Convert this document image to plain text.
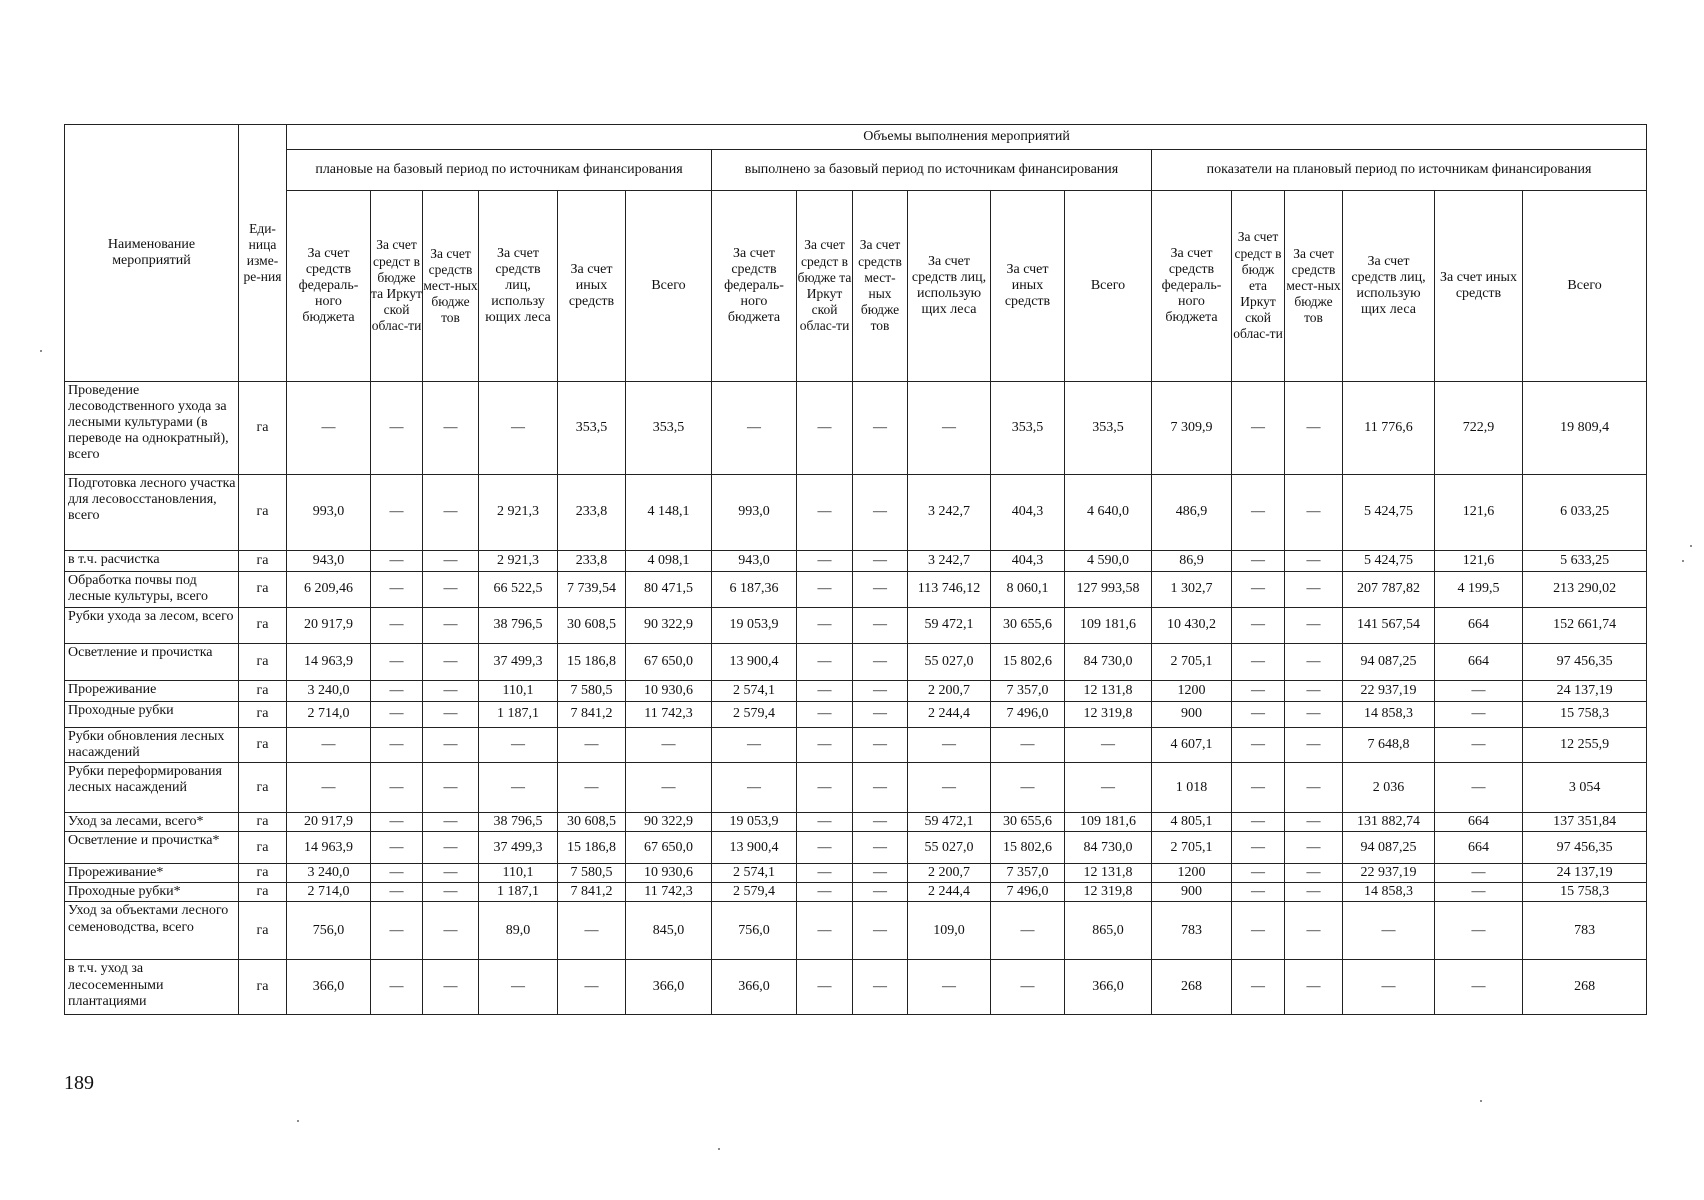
Наименование мероприятий	Еди-ница изме-ре-ния	Объемы выполнения мероприятий																	
		плановые на базовый период по источникам финансирования						выполнено за базовый период по источникам финансирования						показатели на плановый период по источникам финансирования					
		За счет средств федераль-ного бюджета	За счет средст в бюдже та Иркут ской облас-ти	За счет средств мест-ных бюдже тов	За счет средств лиц, использу ющих леса	За счет иных средств	Всего	За счет средств федераль-ного бюджета	За счет средст в бюдже та Иркут ской облас-ти	За счет средств мест-ных бюдже тов	За счет средств лиц, использую щих леса	За счет иных средств	Всего	За счет средств федераль-ного бюджета	За счет средст в бюдж ета Иркут ской облас-ти	За счет средств мест-ных бюдже тов	За счет средств лиц, использую щих леса	За счет иных средств	Всего
Проведение лесоводственного ухода за лесными культурами (в переводе на однократный), всего	га	—	—	—	—	353,5	353,5	—	—	—	—	353,5	353,5	7 309,9	—	—	11 776,6	722,9	19 809,4
Подготовка лесного участка для лесовосстановления, всего	га	993,0	—	—	2 921,3	233,8	4 148,1	993,0	—	—	3 242,7	404,3	4 640,0	486,9	—	—	5 424,75	121,6	6 033,25
в т.ч. расчистка	га	943,0	—	—	2 921,3	233,8	4 098,1	943,0	—	—	3 242,7	404,3	4 590,0	86,9	—	—	5 424,75	121,6	5 633,25
Обработка почвы под лесные культуры, всего	га	6 209,46	—	—	66 522,5	7 739,54	80 471,5	6 187,36	—	—	113 746,12	8 060,1	127 993,58	1 302,7	—	—	207 787,82	4 199,5	213 290,02
Рубки ухода за лесом, всего	га	20 917,9	—	—	38 796,5	30 608,5	90 322,9	19 053,9	—	—	59 472,1	30 655,6	109 181,6	10 430,2	—	—	141 567,54	664	152 661,74
Осветление и прочистка	га	14 963,9	—	—	37 499,3	15 186,8	67 650,0	13 900,4	—	—	55 027,0	15 802,6	84 730,0	2 705,1	—	—	94 087,25	664	97 456,35
Прореживание	га	3 240,0	—	—	110,1	7 580,5	10 930,6	2 574,1	—	—	2 200,7	7 357,0	12 131,8	1200	—	—	22 937,19	—	24 137,19
Проходные рубки	га	2 714,0	—	—	1 187,1	7 841,2	11 742,3	2 579,4	—	—	2 244,4	7 496,0	12 319,8	900	—	—	14 858,3	—	15 758,3
Рубки обновления лесных насаждений	га	—	—	—	—	—	—	—	—	—	—	—	—	4 607,1	—	—	7 648,8	—	12 255,9
Рубки переформирования лесных насаждений	га	—	—	—	—	—	—	—	—	—	—	—	—	1 018	—	—	2 036	—	3 054
Уход за лесами, всего*	га	20 917,9	—	—	38 796,5	30 608,5	90 322,9	19 053,9	—	—	59 472,1	30 655,6	109 181,6	4 805,1	—	—	131 882,74	664	137 351,84
Осветление и прочистка*	га	14 963,9	—	—	37 499,3	15 186,8	67 650,0	13 900,4	—	—	55 027,0	15 802,6	84 730,0	2 705,1	—	—	94 087,25	664	97 456,35
Прореживание*	га	3 240,0	—	—	110,1	7 580,5	10 930,6	2 574,1	—	—	2 200,7	7 357,0	12 131,8	1200	—	—	22 937,19	—	24 137,19
Проходные рубки*	га	2 714,0	—	—	1 187,1	7 841,2	11 742,3	2 579,4	—	—	2 244,4	7 496,0	12 319,8	900	—	—	14 858,3	—	15 758,3
Уход за объектами лесного семеноводства, всего	га	756,0	—	—	89,0	—	845,0	756,0	—	—	109,0	—	865,0	783	—	—	—	—	783
в т.ч. уход за лесосеменными плантациями	га	366,0	—	—	—	—	366,0	366,0	—	—	—	—	366,0	268	—	—	—	—	268
189
